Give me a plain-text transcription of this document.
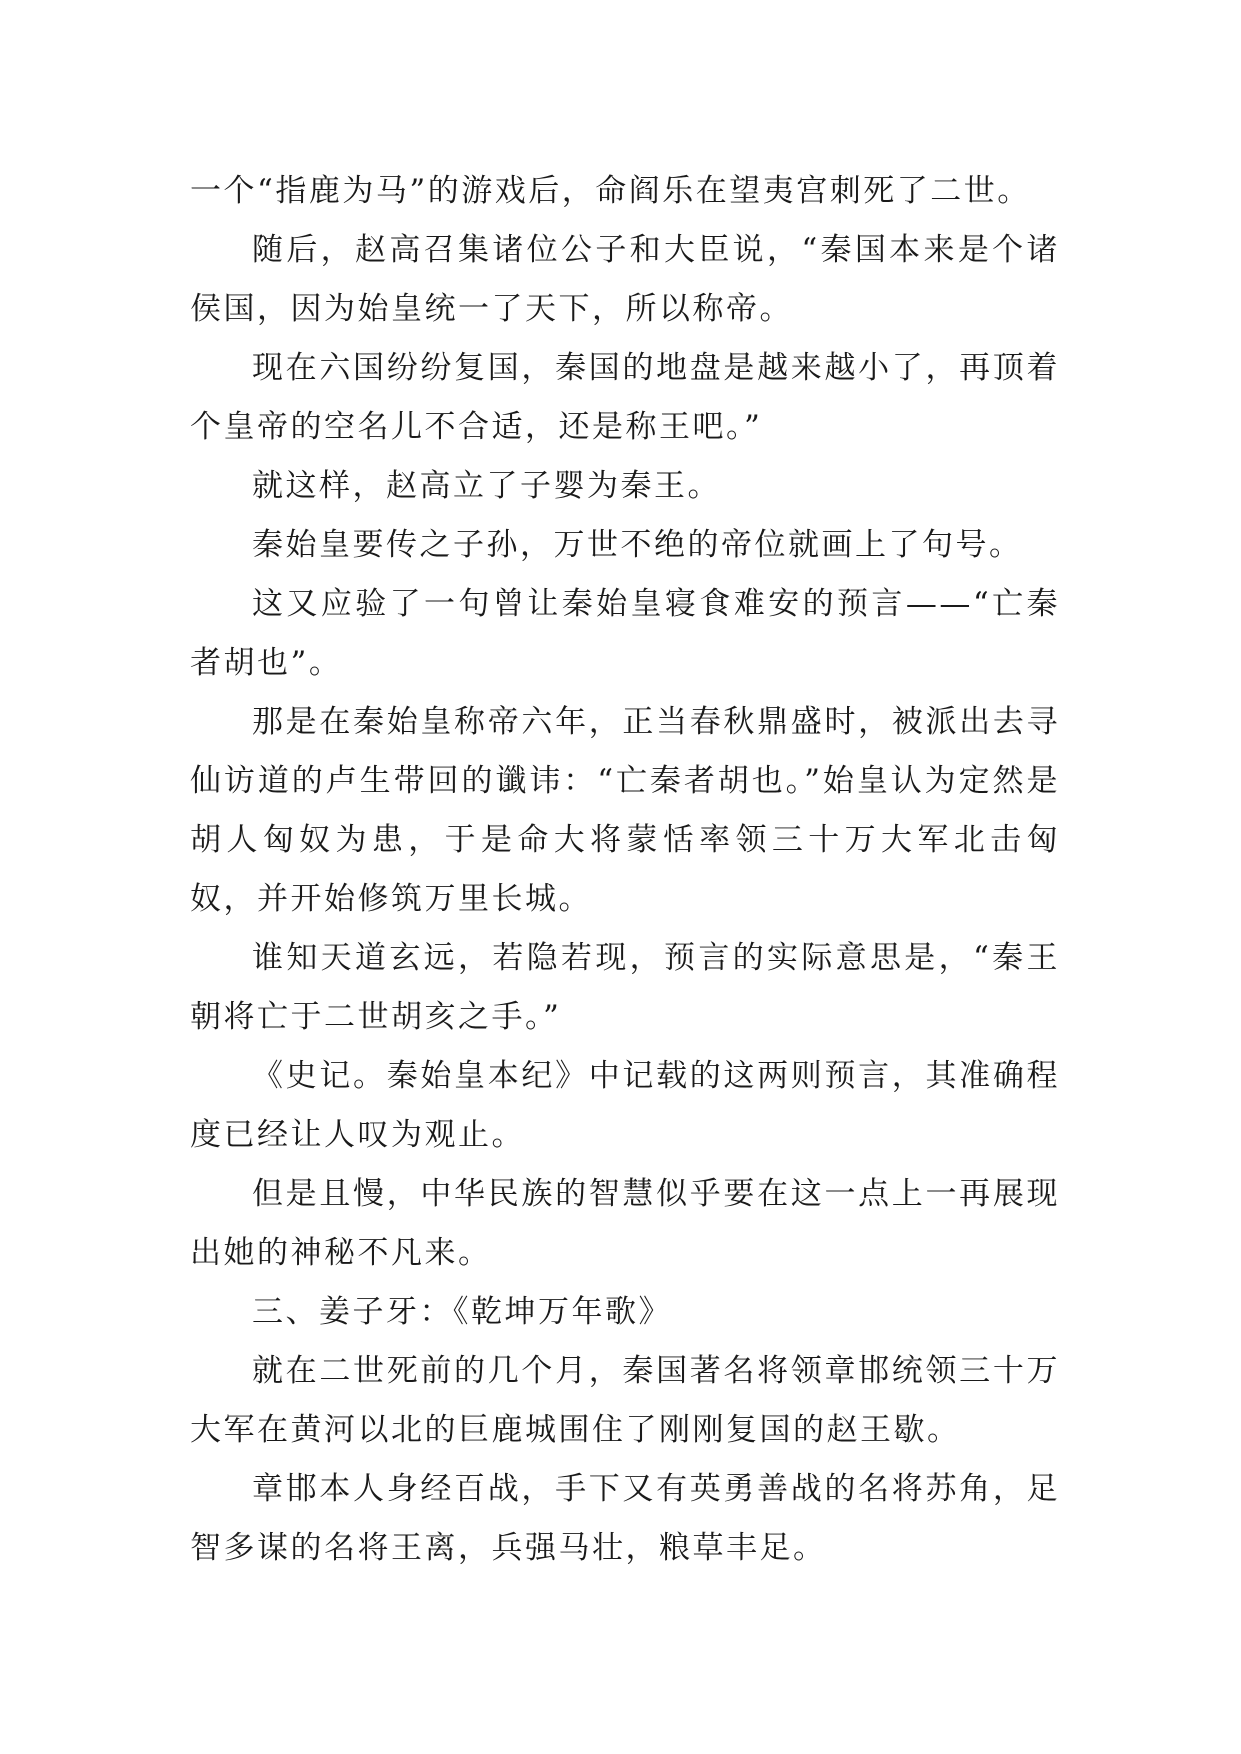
一个“指鹿为马”的游戏后，命阎乐在望夷宫刺死了二世。

随后，赵高召集诸位公子和大臣说，“秦国本来是个诸侯国，因为始皇统一了天下，所以称帝。

现在六国纷纷复国，秦国的地盘是越来越小了，再顶着个皇帝的空名儿不合适，还是称王吧。”

就这样，赵高立了子婴为秦王。

秦始皇要传之子孙，万世不绝的帝位就画上了句号。

这又应验了一句曾让秦始皇寝食难安的预言——“亡秦者胡也”。

那是在秦始皇称帝六年，正当春秋鼎盛时，被派出去寻仙访道的卢生带回的谶讳：“亡秦者胡也。”始皇认为定然是胡人匈奴为患，于是命大将蒙恬率领三十万大军北击匈奴，并开始修筑万里长城。

谁知天道玄远，若隐若现，预言的实际意思是，“秦王朝将亡于二世胡亥之手。”

《史记。秦始皇本纪》中记载的这两则预言，其准确程度已经让人叹为观止。

但是且慢，中华民族的智慧似乎要在这一点上一再展现出她的神秘不凡来。

三、姜子牙：《乾坤万年歌》

就在二世死前的几个月，秦国著名将领章邯统领三十万大军在黄河以北的巨鹿城围住了刚刚复国的赵王歇。

章邯本人身经百战，手下又有英勇善战的名将苏角，足智多谋的名将王离，兵强马壮，粮草丰足。
